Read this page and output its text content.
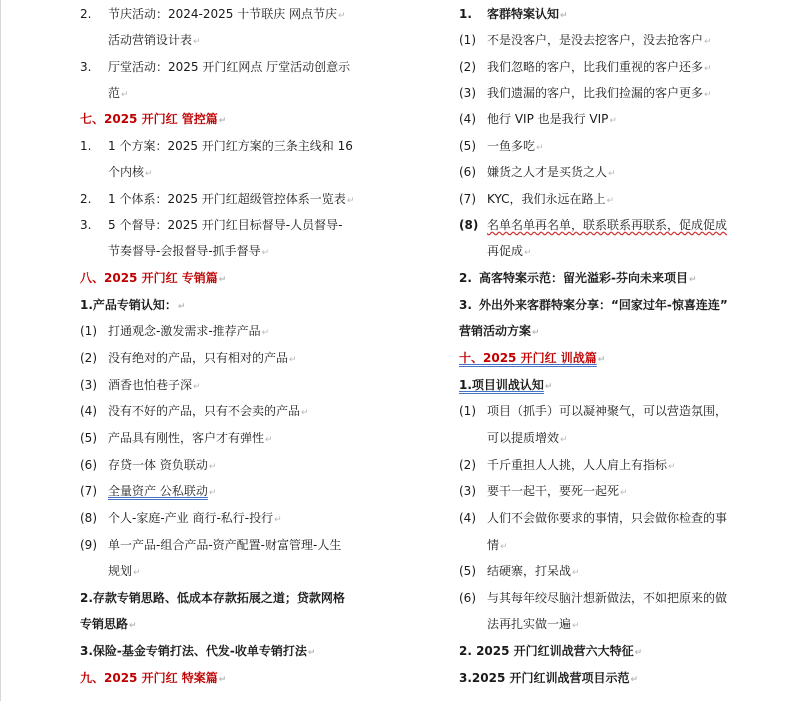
2. 节庆活动：2024-2025 十节联庆 网点节庆↵
活动营销设计表↵
3. 厅堂活动：2025 开门红网点 厅堂活动创意示
范↵
七、2025 开门红 管控篇↵
1. 1 个方案：2025 开门红方案的三条主线和 16
个内核↵
2. 1 个体系：2025 开门红超级管控体系一览表↵
3. 5 个督导：2025 开门红目标督导-人员督导-
节奏督导-会报督导-抓手督导↵
八、2025 开门红 专销篇↵
1.产品专销认知：↵
(1) 打通观念-激发需求-推荐产品↵
(2) 没有绝对的产品，只有相对的产品↵
(3) 酒香也怕巷子深↵
(4) 没有不好的产品，只有不会卖的产品↵
(5) 产品具有刚性，客户才有弹性↵
(6) 存贷一体 资负联动↵
(7) 全量资产 公私联动↵
(8) 个人-家庭-产业 商行-私行-投行↵
(9) 单一产品-组合产品-资产配置-财富管理-人生
规划↵
2.存款专销思路、低成本存款拓展之道；贷款网格
专销思路↵
3.保险-基金专销打法、代发-收单专销打法↵
九、2025 开门红 特案篇↵
1. 客群特案认知↵
(1) 不是没客户，是没去挖客户，没去抢客户↵
(2) 我们忽略的客户，比我们重视的客户还多↵
(3) 我们遗漏的客户，比我们捡漏的客户更多↵
(4) 他行 VIP 也是我行 VIP↵
(5) 一鱼多吃↵
(6) 嫌货之人才是买货之人↵
(7) KYC，我们永远在路上↵
(8) 名单名单再名单，联系联系再联系，促成促成
再促成↵
2. 高客特案示范：留光溢彩-芬向未来项目↵
3. 外出外来客群特案分享：“回家过年-惊喜连连”
营销活动方案↵
十、2025 开门红 训战篇↵
1.项目训战认知↵
(1) 项目（抓手）可以凝神聚气，可以营造氛围，
可以提质增效↵
(2) 千斤重担人人挑，人人肩上有指标↵
(3) 要干一起干，要死一起死↵
(4) 人们不会做你要求的事情，只会做你检查的事
情↵
(5) 结硬寨，打呆战↵
(6) 与其每年绞尽脑汁想新做法，不如把原来的做
法再扎实做一遍↵
2. 2025 开门红训战营六大特征↵
3.2025 开门红训战营项目示范↵
